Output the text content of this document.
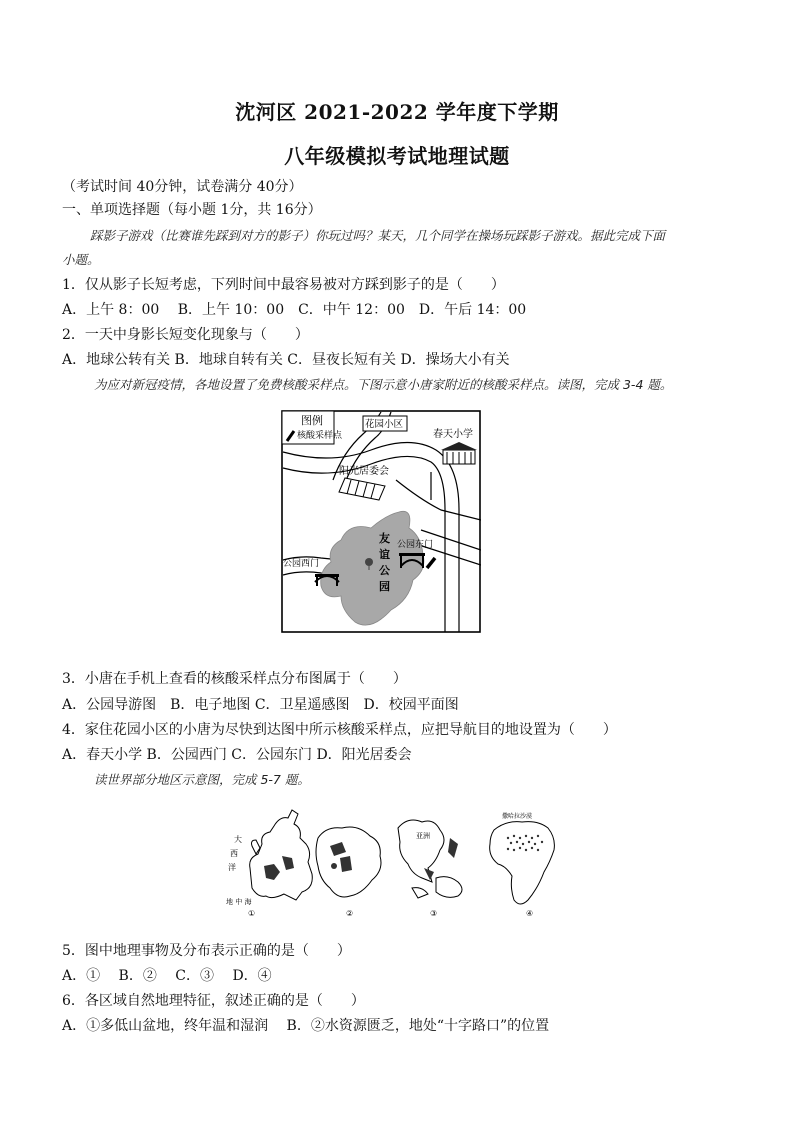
沈河区 2021-2022 学年度下学期
八年级模拟考试地理试题
（考试时间 40分钟，试卷满分 40分）
一、单项选择题（每小题 1分，共 16分）
踩影子游戏（比赛谁先踩到对方的影子）你玩过吗？某天，几个同学在操场玩踩影子游戏。据此完成下面
小题。
1．仅从影子长短考虑，下列时间中最容易被对方踩到影子的是（　　）
A．上午 8：00　 B．上午 10：00　C．中午 12：00　D．午后 14：00
2．一天中身影长短变化现象与（　　）
A．地球公转有关 B．地球自转有关 C．昼夜长短有关 D．操场大小有关
为应对新冠疫情，各地设置了免费核酸采样点。下图示意小唐家附近的核酸采样点。读图，完成 3-4 题。
图例
核酸采样点
花园小区
春天小学
阳光居委会
友
谊
公
园
公园西门
公园东门
3．小唐在手机上查看的核酸采样点分布图属于（　　）
A．公园导游图　B．电子地图 C．卫星遥感图　D．校园平面图
4．家住花园小区的小唐为尽快到达图中所示核酸采样点，应把导航目的地设置为（　　）
A．春天小学 B．公园西门 C．公园东门 D．阳光居委会
读世界部分地区示意图，完成 5-7 题。
大
西
洋
地 中 海
①	②
亚洲
③
撒哈拉沙漠
④
5．图中地理事物及分布表示正确的是（　　）
A．①　 B．②　 C．③　 D．④
6．各区域自然地理特征，叙述正确的是（　　）
A．①多低山盆地，终年温和湿润　 B．②水资源匮乏，地处“十字路口”的位置
